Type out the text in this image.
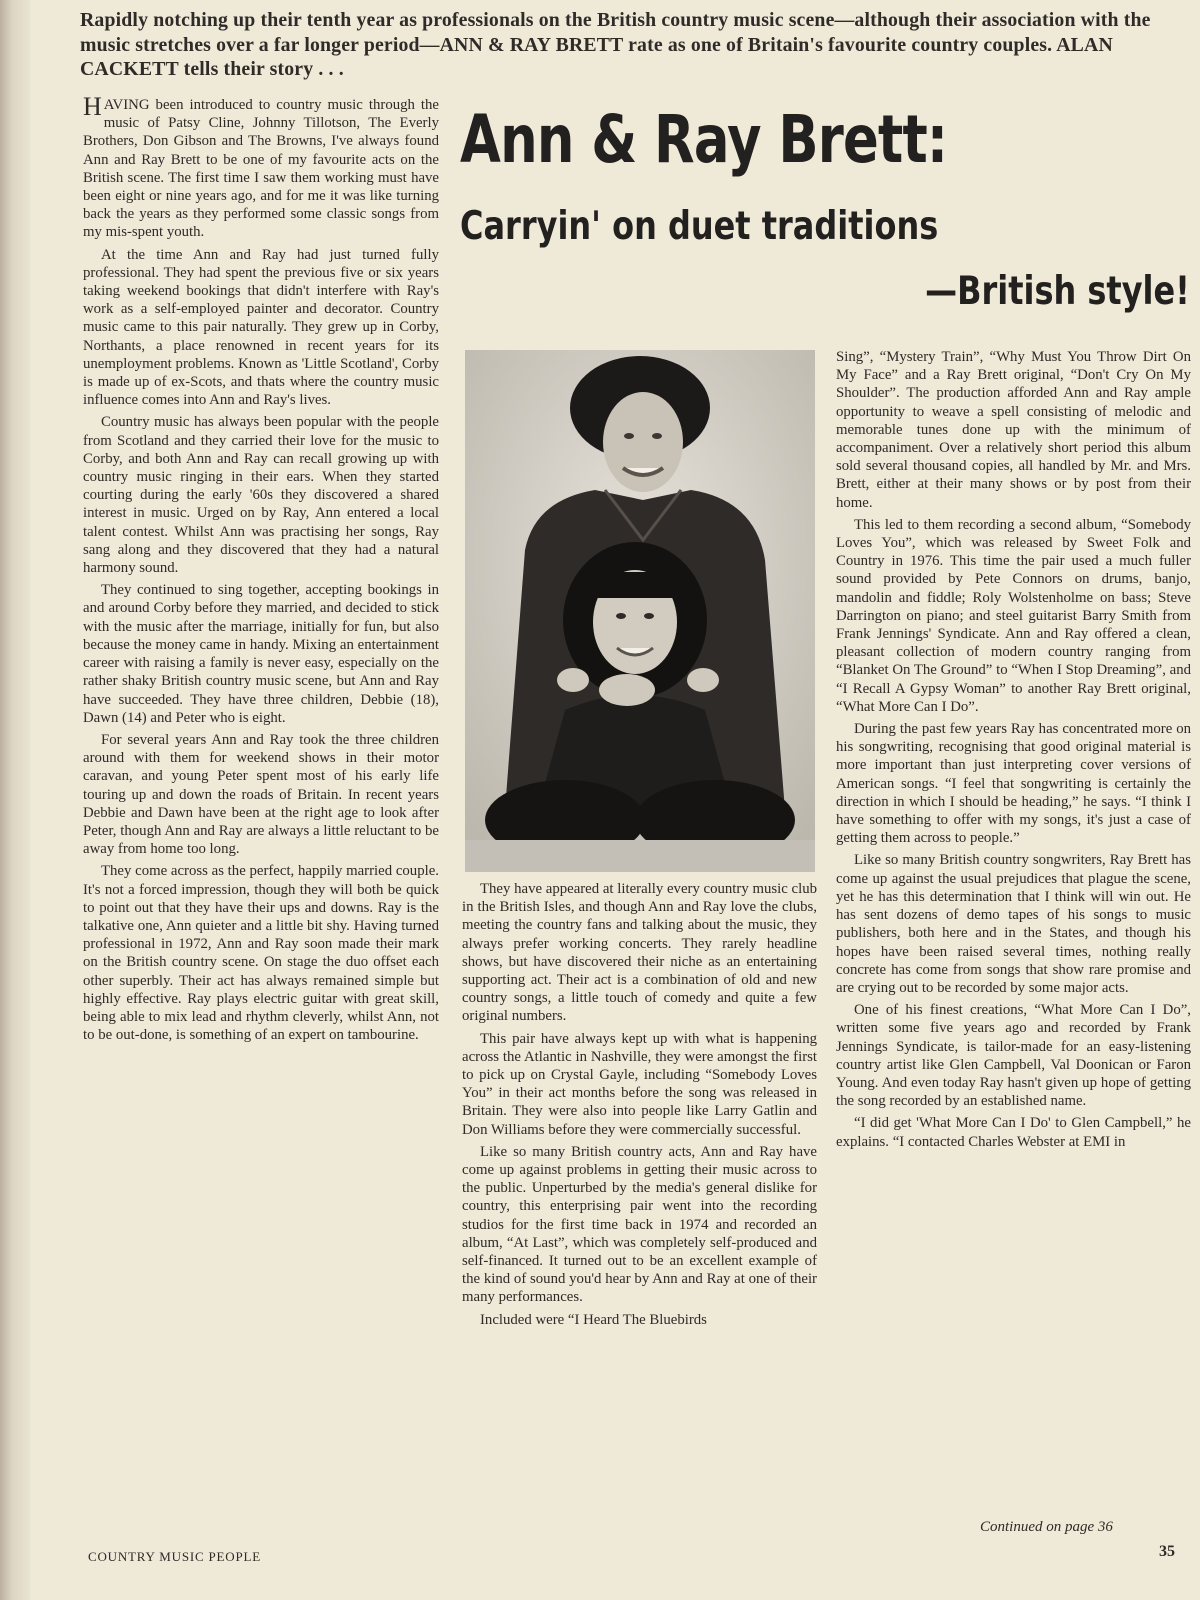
Rapidly notching up their tenth year as professionals on the British country music scene—although their association with the music stretches over a far longer period—ANN & RAY BRETT rate as one of Britain's favourite country couples. ALAN CACKETT tells their story . . .

HAVING been introduced to country music through the music of Patsy Cline, Johnny Tillotson, The Everly Brothers, Don Gibson and The Browns, I've always found Ann and Ray Brett to be one of my favourite acts on the British scene. The first time I saw them working must have been eight or nine years ago, and for me it was like turning back the years as they performed some classic songs from my mis-spent youth.

At the time Ann and Ray had just turned fully professional. They had spent the previous five or six years taking weekend bookings that didn't interfere with Ray's work as a self-employed painter and decorator. Country music came to this pair naturally. They grew up in Corby, Northants, a place renowned in recent years for its unemployment problems. Known as 'Little Scotland', Corby is made up of ex-Scots, and thats where the country music influence comes into Ann and Ray's lives.

Country music has always been popular with the people from Scotland and they carried their love for the music to Corby, and both Ann and Ray can recall growing up with country music ringing in their ears. When they started courting during the early '60s they discovered a shared interest in music. Urged on by Ray, Ann entered a local talent contest. Whilst Ann was practising her songs, Ray sang along and they discovered that they had a natural harmony sound.

They continued to sing together, accepting bookings in and around Corby before they married, and decided to stick with the music after the marriage, initially for fun, but also because the money came in handy. Mixing an entertainment career with raising a family is never easy, especially on the rather shaky British country music scene, but Ann and Ray have succeeded. They have three children, Debbie (18), Dawn (14) and Peter who is eight.

For several years Ann and Ray took the three children around with them for weekend shows in their motor caravan, and young Peter spent most of his early life touring up and down the roads of Britain. In recent years Debbie and Dawn have been at the right age to look after Peter, though Ann and Ray are always a little reluctant to be away from home too long.

They come across as the perfect, happily married couple. It's not a forced impression, though they will both be quick to point out that they have their ups and downs. Ray is the talkative one, Ann quieter and a little bit shy. Having turned professional in 1972, Ann and Ray soon made their mark on the British country scene. On stage the duo offset each other superbly. Their act has always remained simple but highly effective. Ray plays electric guitar with great skill, being able to mix lead and rhythm cleverly, whilst Ann, not to be out-done, is something of an expert on tambourine.

Ann & Ray Brett:
Carryin' on duet traditions
—British style!

They have appeared at literally every country music club in the British Isles, and though Ann and Ray love the clubs, meeting the country fans and talking about the music, they always prefer working concerts. They rarely headline shows, but have discovered their niche as an entertaining supporting act. Their act is a combination of old and new country songs, a little touch of comedy and quite a few original numbers.

This pair have always kept up with what is happening across the Atlantic in Nashville, they were amongst the first to pick up on Crystal Gayle, including “Somebody Loves You” in their act months before the song was released in Britain. They were also into people like Larry Gatlin and Don Williams before they were commercially successful.

Like so many British country acts, Ann and Ray have come up against problems in getting their music across to the public. Unperturbed by the media's general dislike for country, this enterprising pair went into the recording studios for the first time back in 1974 and recorded an album, “At Last”, which was completely self-produced and self-financed. It turned out to be an excellent example of the kind of sound you'd hear by Ann and Ray at one of their many performances.

Included were “I Heard The Bluebirds

Sing”, “Mystery Train”, “Why Must You Throw Dirt On My Face” and a Ray Brett original, “Don't Cry On My Shoulder”. The production afforded Ann and Ray ample opportunity to weave a spell consisting of melodic and memorable tunes done up with the minimum of accompaniment. Over a relatively short period this album sold several thousand copies, all handled by Mr. and Mrs. Brett, either at their many shows or by post from their home.

This led to them recording a second album, “Somebody Loves You”, which was released by Sweet Folk and Country in 1976. This time the pair used a much fuller sound provided by Pete Connors on drums, banjo, mandolin and fiddle; Roly Wolstenholme on bass; Steve Darrington on piano; and steel guitarist Barry Smith from Frank Jennings' Syndicate. Ann and Ray offered a clean, pleasant collection of modern country ranging from “Blanket On The Ground” to “When I Stop Dreaming”, and “I Recall A Gypsy Woman” to another Ray Brett original, “What More Can I Do”.

During the past few years Ray has concentrated more on his songwriting, recognising that good original material is more important than just interpreting cover versions of American songs. “I feel that songwriting is certainly the direction in which I should be heading,” he says. “I think I have something to offer with my songs, it's just a case of getting them across to people.”

Like so many British country songwriters, Ray Brett has come up against the usual prejudices that plague the scene, yet he has this determination that I think will win out. He has sent dozens of demo tapes of his songs to music publishers, both here and in the States, and though his hopes have been raised several times, nothing really concrete has come from songs that show rare promise and are crying out to be recorded by some major acts.

One of his finest creations, “What More Can I Do”, written some five years ago and recorded by Frank Jennings Syndicate, is tailor-made for an easy-listening country artist like Glen Campbell, Val Doonican or Faron Young. And even today Ray hasn't given up hope of getting the song recorded by an established name.

“I did get 'What More Can I Do' to Glen Campbell,” he explains. “I contacted Charles Webster at EMI in

Continued on page 36
COUNTRY MUSIC PEOPLE	35
